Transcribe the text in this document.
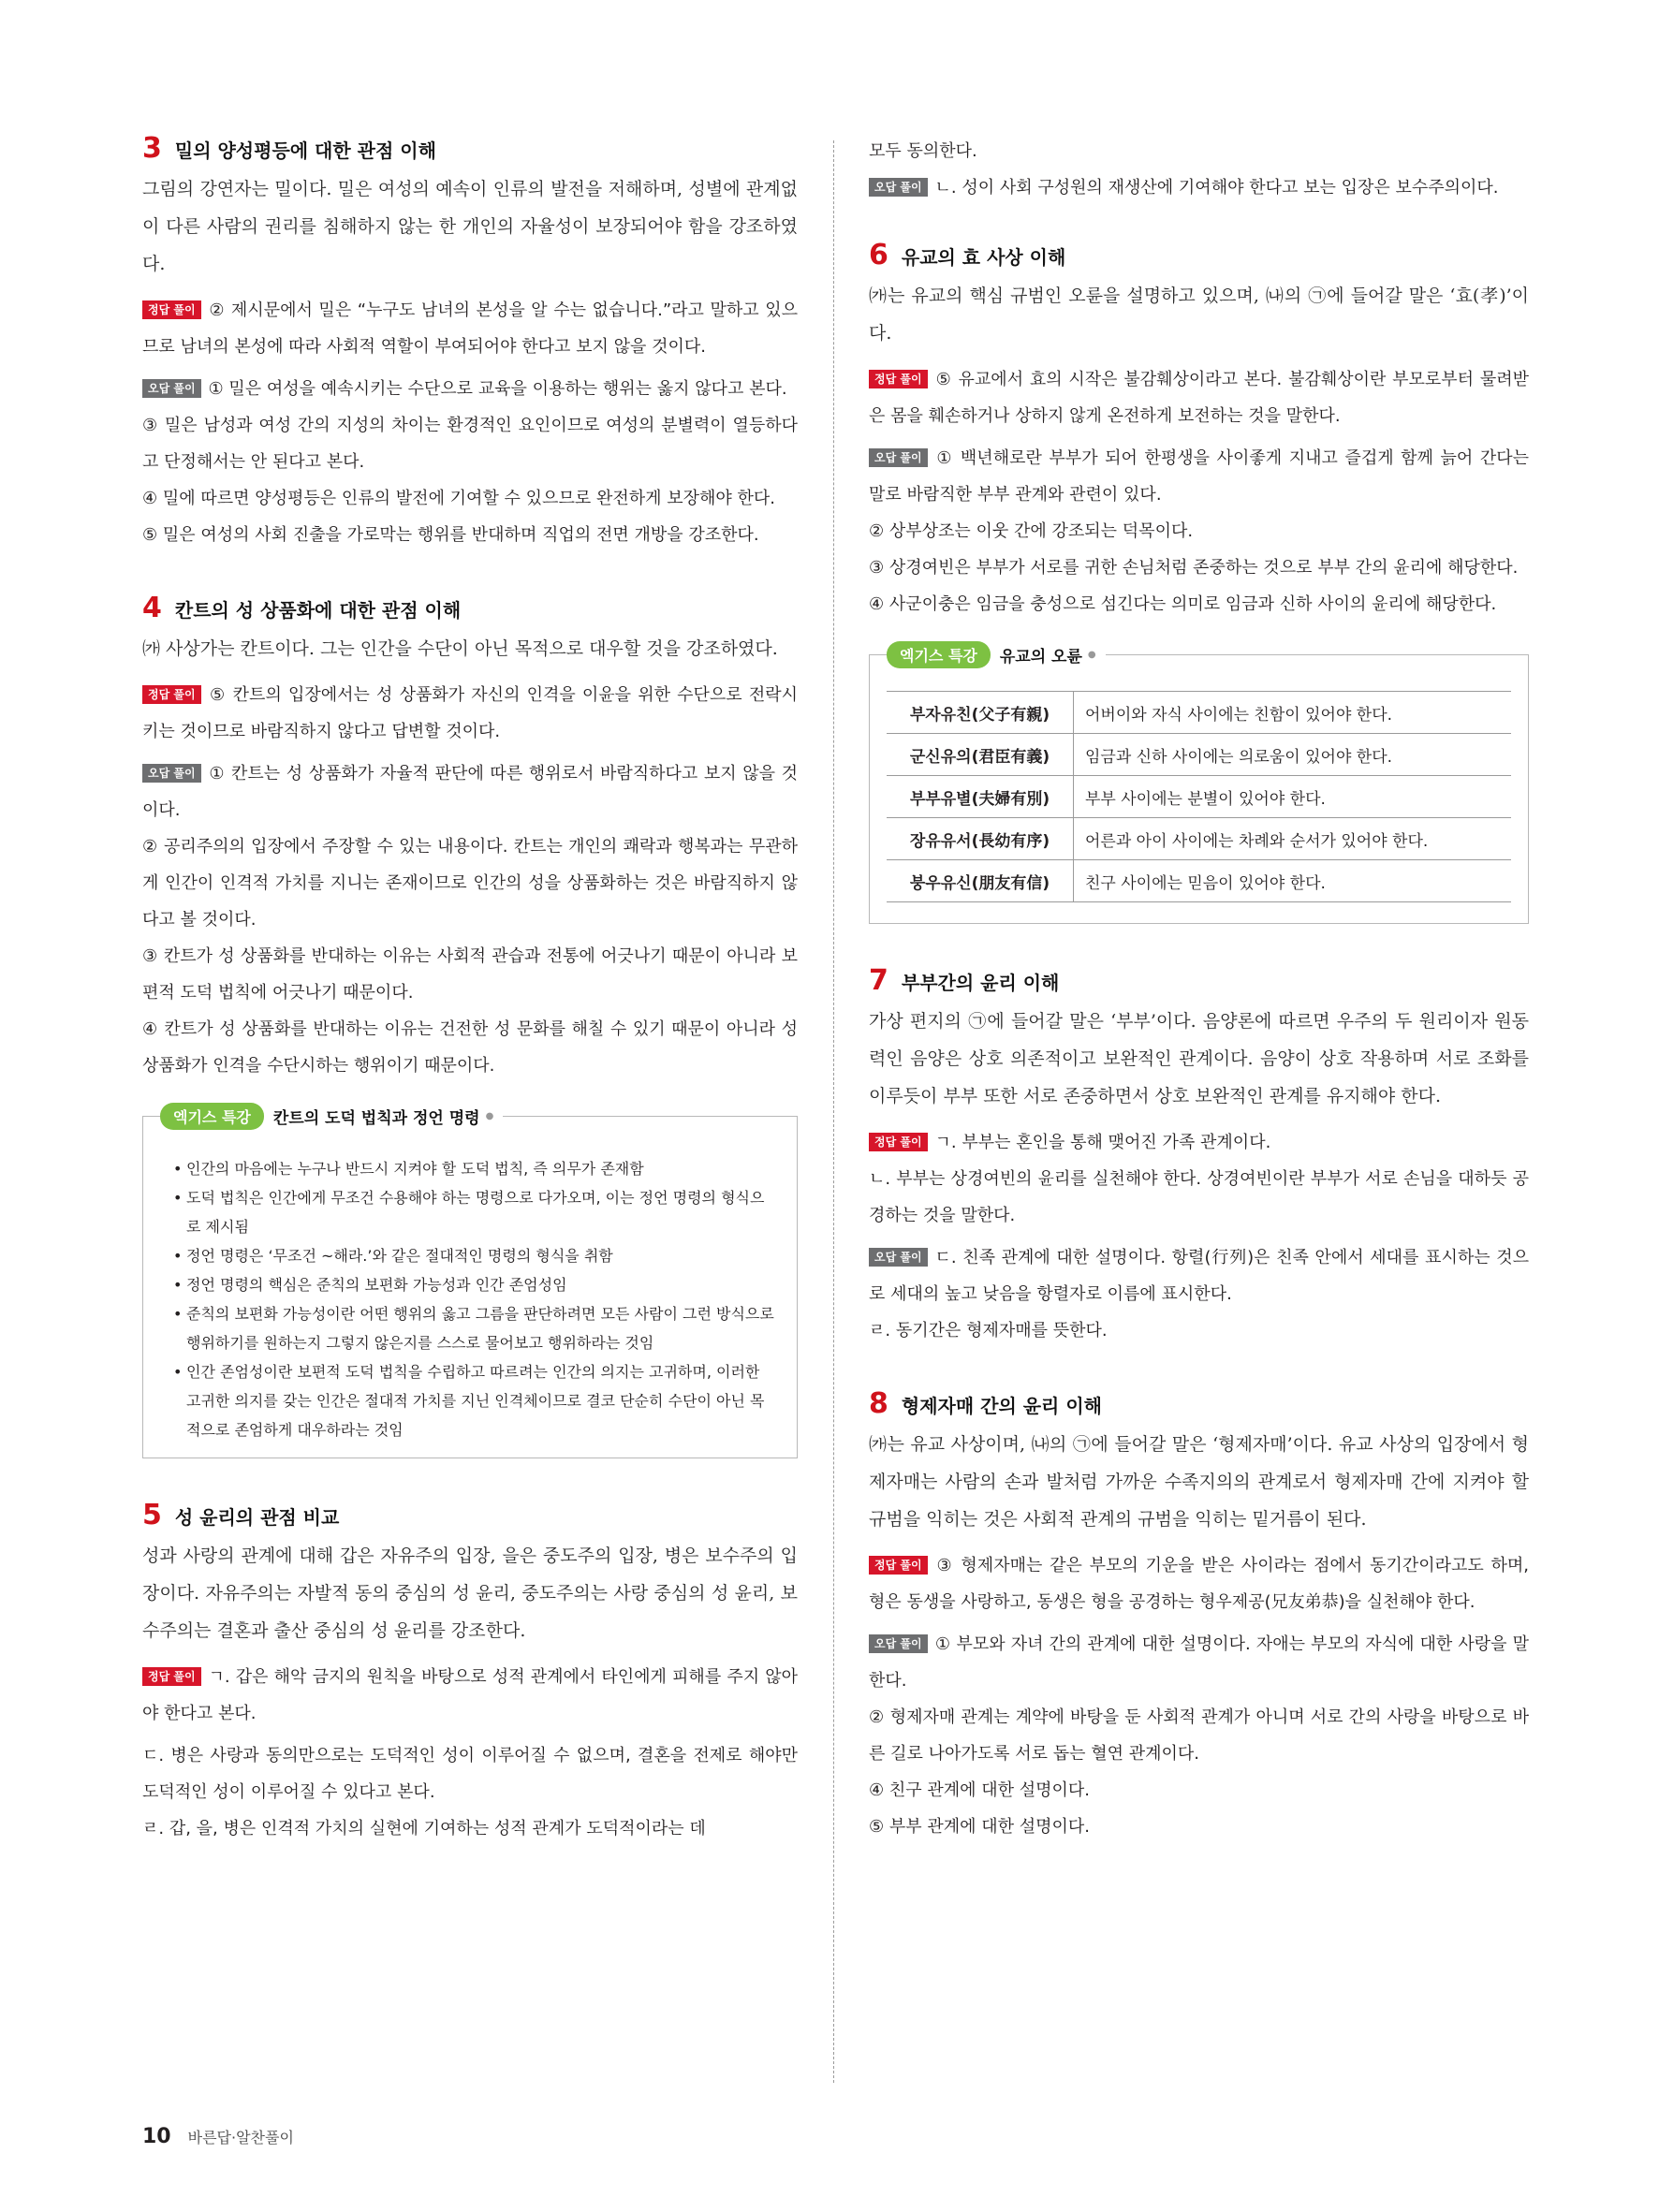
3 밀의 양성평등에 대한 관점 이해

그림의 강연자는 밀이다. 밀은 여성의 예속이 인류의 발전을 저해하며, 성별에 관계없이 다른 사람의 권리를 침해하지 않는 한 개인의 자율성이 보장되어야 함을 강조하였다.

정답 풀이 ② 제시문에서 밀은 “누구도 남녀의 본성을 알 수는 없습니다.”라고 말하고 있으므로 남녀의 본성에 따라 사회적 역할이 부여되어야 한다고 보지 않을 것이다.

오답 풀이 ① 밀은 여성을 예속시키는 수단으로 교육을 이용하는 행위는 옳지 않다고 본다.

③ 밀은 남성과 여성 간의 지성의 차이는 환경적인 요인이므로 여성의 분별력이 열등하다고 단정해서는 안 된다고 본다.

④ 밀에 따르면 양성평등은 인류의 발전에 기여할 수 있으므로 완전하게 보장해야 한다.

⑤ 밀은 여성의 사회 진출을 가로막는 행위를 반대하며 직업의 전면 개방을 강조한다.

4 칸트의 성 상품화에 대한 관점 이해

㈎ 사상가는 칸트이다. 그는 인간을 수단이 아닌 목적으로 대우할 것을 강조하였다.

정답 풀이 ⑤ 칸트의 입장에서는 성 상품화가 자신의 인격을 이윤을 위한 수단으로 전락시키는 것이므로 바람직하지 않다고 답변할 것이다.

오답 풀이 ① 칸트는 성 상품화가 자율적 판단에 따른 행위로서 바람직하다고 보지 않을 것이다.

② 공리주의의 입장에서 주장할 수 있는 내용이다. 칸트는 개인의 쾌락과 행복과는 무관하게 인간이 인격적 가치를 지니는 존재이므로 인간의 성을 상품화하는 것은 바람직하지 않다고 볼 것이다.

③ 칸트가 성 상품화를 반대하는 이유는 사회적 관습과 전통에 어긋나기 때문이 아니라 보편적 도덕 법칙에 어긋나기 때문이다.

④ 칸트가 성 상품화를 반대하는 이유는 건전한 성 문화를 해칠 수 있기 때문이 아니라 성 상품화가 인격을 수단시하는 행위이기 때문이다.

엑기스 특강	칸트의 도덕 법칙과 정언 명령 ●
• 인간의 마음에는 누구나 반드시 지켜야 할 도덕 법칙, 즉 의무가 존재함
• 도덕 법칙은 인간에게 무조건 수용해야 하는 명령으로 다가오며, 이는 정언 명령의 형식으로 제시됨
• 정언 명령은 ‘무조건 ~해라.’와 같은 절대적인 명령의 형식을 취함
• 정언 명령의 핵심은 준칙의 보편화 가능성과 인간 존엄성임
• 준칙의 보편화 가능성이란 어떤 행위의 옳고 그름을 판단하려면 모든 사람이 그런 방식으로 행위하기를 원하는지 그렇지 않은지를 스스로 물어보고 행위하라는 것임
• 인간 존엄성이란 보편적 도덕 법칙을 수립하고 따르려는 인간의 의지는 고귀하며, 이러한 고귀한 의지를 갖는 인간은 절대적 가치를 지닌 인격체이므로 결코 단순히 수단이 아닌 목적으로 존엄하게 대우하라는 것임
5 성 윤리의 관점 비교

성과 사랑의 관계에 대해 갑은 자유주의 입장, 을은 중도주의 입장, 병은 보수주의 입장이다. 자유주의는 자발적 동의 중심의 성 윤리, 중도주의는 사랑 중심의 성 윤리, 보수주의는 결혼과 출산 중심의 성 윤리를 강조한다.

정답 풀이 ㄱ. 갑은 해악 금지의 원칙을 바탕으로 성적 관계에서 타인에게 피해를 주지 않아야 한다고 본다.

ㄷ. 병은 사랑과 동의만으로는 도덕적인 성이 이루어질 수 없으며, 결혼을 전제로 해야만 도덕적인 성이 이루어질 수 있다고 본다.

ㄹ. 갑, 을, 병은 인격적 가치의 실현에 기여하는 성적 관계가 도덕적이라는 데

모두 동의한다.

오답 풀이 ㄴ. 성이 사회 구성원의 재생산에 기여해야 한다고 보는 입장은 보수주의이다.

6 유교의 효 사상 이해

㈎는 유교의 핵심 규범인 오륜을 설명하고 있으며, ㈏의 ㉠에 들어갈 말은 ‘효(孝)’이다.

정답 풀이 ⑤ 유교에서 효의 시작은 불감훼상이라고 본다. 불감훼상이란 부모로부터 물려받은 몸을 훼손하거나 상하지 않게 온전하게 보전하는 것을 말한다.

오답 풀이 ① 백년해로란 부부가 되어 한평생을 사이좋게 지내고 즐겁게 함께 늙어 간다는 말로 바람직한 부부 관계와 관련이 있다.

② 상부상조는 이웃 간에 강조되는 덕목이다.

③ 상경여빈은 부부가 서로를 귀한 손님처럼 존중하는 것으로 부부 간의 윤리에 해당한다.

④ 사군이충은 임금을 충성으로 섬긴다는 의미로 임금과 신하 사이의 윤리에 해당한다.

엑기스 특강	유교의 오륜 ●
부자유친(父子有親)	어버이와 자식 사이에는 친함이 있어야 한다.
군신유의(君臣有義)	임금과 신하 사이에는 의로움이 있어야 한다.
부부유별(夫婦有別)	부부 사이에는 분별이 있어야 한다.
장유유서(長幼有序)	어른과 아이 사이에는 차례와 순서가 있어야 한다.
붕우유신(朋友有信)	친구 사이에는 믿음이 있어야 한다.
7 부부간의 윤리 이해

가상 편지의 ㉠에 들어갈 말은 ‘부부’이다. 음양론에 따르면 우주의 두 원리이자 원동력인 음양은 상호 의존적이고 보완적인 관계이다. 음양이 상호 작용하며 서로 조화를 이루듯이 부부 또한 서로 존중하면서 상호 보완적인 관계를 유지해야 한다.

정답 풀이 ㄱ. 부부는 혼인을 통해 맺어진 가족 관계이다.

ㄴ. 부부는 상경여빈의 윤리를 실천해야 한다. 상경여빈이란 부부가 서로 손님을 대하듯 공경하는 것을 말한다.

오답 풀이 ㄷ. 친족 관계에 대한 설명이다. 항렬(行列)은 친족 안에서 세대를 표시하는 것으로 세대의 높고 낮음을 항렬자로 이름에 표시한다.

ㄹ. 동기간은 형제자매를 뜻한다.

8 형제자매 간의 윤리 이해

㈎는 유교 사상이며, ㈏의 ㉠에 들어갈 말은 ‘형제자매’이다. 유교 사상의 입장에서 형제자매는 사람의 손과 발처럼 가까운 수족지의의 관계로서 형제자매 간에 지켜야 할 규범을 익히는 것은 사회적 관계의 규범을 익히는 밑거름이 된다.

정답 풀이 ③ 형제자매는 같은 부모의 기운을 받은 사이라는 점에서 동기간이라고도 하며, 형은 동생을 사랑하고, 동생은 형을 공경하는 형우제공(兄友弟恭)을 실천해야 한다.

오답 풀이 ① 부모와 자녀 간의 관계에 대한 설명이다. 자애는 부모의 자식에 대한 사랑을 말한다.

② 형제자매 관계는 계약에 바탕을 둔 사회적 관계가 아니며 서로 간의 사랑을 바탕으로 바른 길로 나아가도록 서로 돕는 혈연 관계이다.

④ 친구 관계에 대한 설명이다.

⑤ 부부 관계에 대한 설명이다.

10 바른답·알찬풀이
